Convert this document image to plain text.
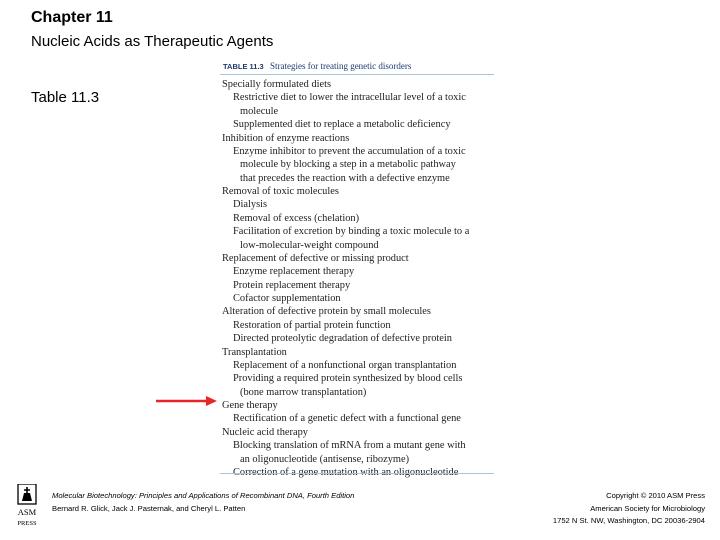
Chapter 11
Nucleic Acids as Therapeutic Agents
Table 11.3
TABLE 11.3 Strategies for treating genetic disorders
Specially formulated diets
Restrictive diet to lower the intracellular level of a toxic
molecule
Supplemented diet to replace a metabolic deficiency
Inhibition of enzyme reactions
Enzyme inhibitor to prevent the accumulation of a toxic
molecule by blocking a step in a metabolic pathway
that precedes the reaction with a defective enzyme
Removal of toxic molecules
Dialysis
Removal of excess (chelation)
Facilitation of excretion by binding a toxic molecule to a
low-molecular-weight compound
Replacement of defective or missing product
Enzyme replacement therapy
Protein replacement therapy
Cofactor supplementation
Alteration of defective protein by small molecules
Restoration of partial protein function
Directed proteolytic degradation of defective protein
Transplantation
Replacement of a nonfunctional organ transplantation
Providing a required protein synthesized by blood cells
(bone marrow transplantation)
Gene therapy
Rectification of a genetic defect with a functional gene
Nucleic acid therapy
Blocking translation of mRNA from a mutant gene with
an oligonucleotide (antisense, ribozyme)
Correction of a gene mutation with an oligonucleotide
ASM
PRESS
Molecular Biotechnology: Principles and Applications of Recombinant DNA, Fourth Edition
Bernard R. Glick, Jack J. Pasternak, and Cheryl L. Patten
Copyright © 2010 ASM Press
American Society for Microbiology
1752 N St. NW, Washington, DC 20036-2904
